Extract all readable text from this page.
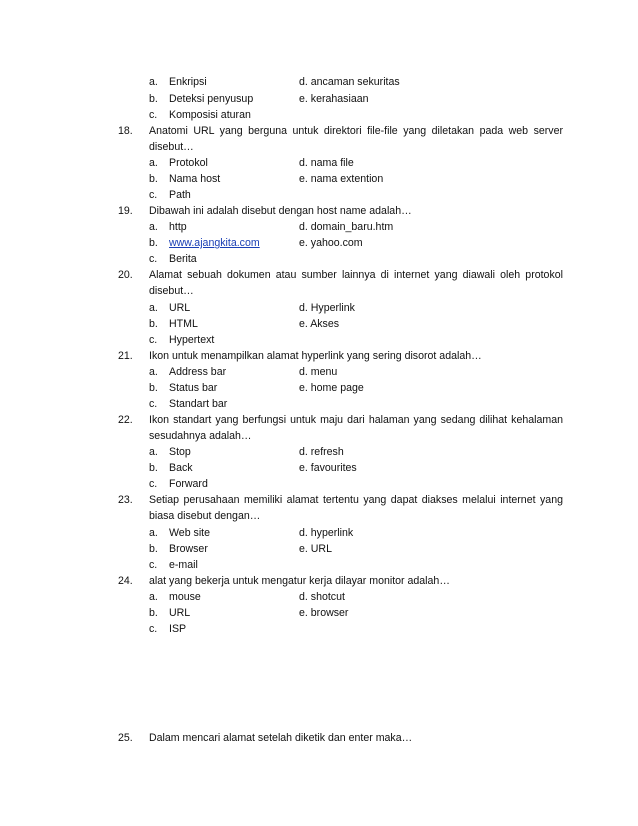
a. Enkripsi	d. ancaman sekuritas
b. Deteksi penyusup	e. kerahasiaan
c. Komposisi aturan
18. Anatomi URL yang berguna untuk direktori file-file yang diletakan pada web server
disebut…
a. Protokol	d. nama file
b. Nama host	e. nama extention
c. Path
19. Dibawah ini adalah disebut dengan host name adalah…
a. http	d. domain_baru.htm
b. www.ajangkita.com	e. yahoo.com
c. Berita
20. Alamat sebuah dokumen atau sumber lainnya di internet yang diawali oleh protokol
disebut…
a. URL	d. Hyperlink
b. HTML	e. Akses
c. Hypertext
21. Ikon untuk menampilkan alamat hyperlink yang sering disorot adalah…
a. Address bar	d. menu
b. Status bar	e. home page
c. Standart bar
22. Ikon standart yang berfungsi untuk maju dari halaman yang sedang dilihat kehalaman
sesudahnya adalah…
a. Stop	d. refresh
b. Back	e. favourites
c. Forward
23. Setiap perusahaan memiliki alamat tertentu yang dapat diakses melalui internet yang
biasa disebut dengan…
a. Web site	d. hyperlink
b. Browser	e. URL
c. e-mail
24. alat yang bekerja untuk mengatur kerja dilayar monitor adalah…
a. mouse	d. shotcut
b. URL	e. browser
c. ISP
25. Dalam mencari alamat setelah diketik dan enter maka…
